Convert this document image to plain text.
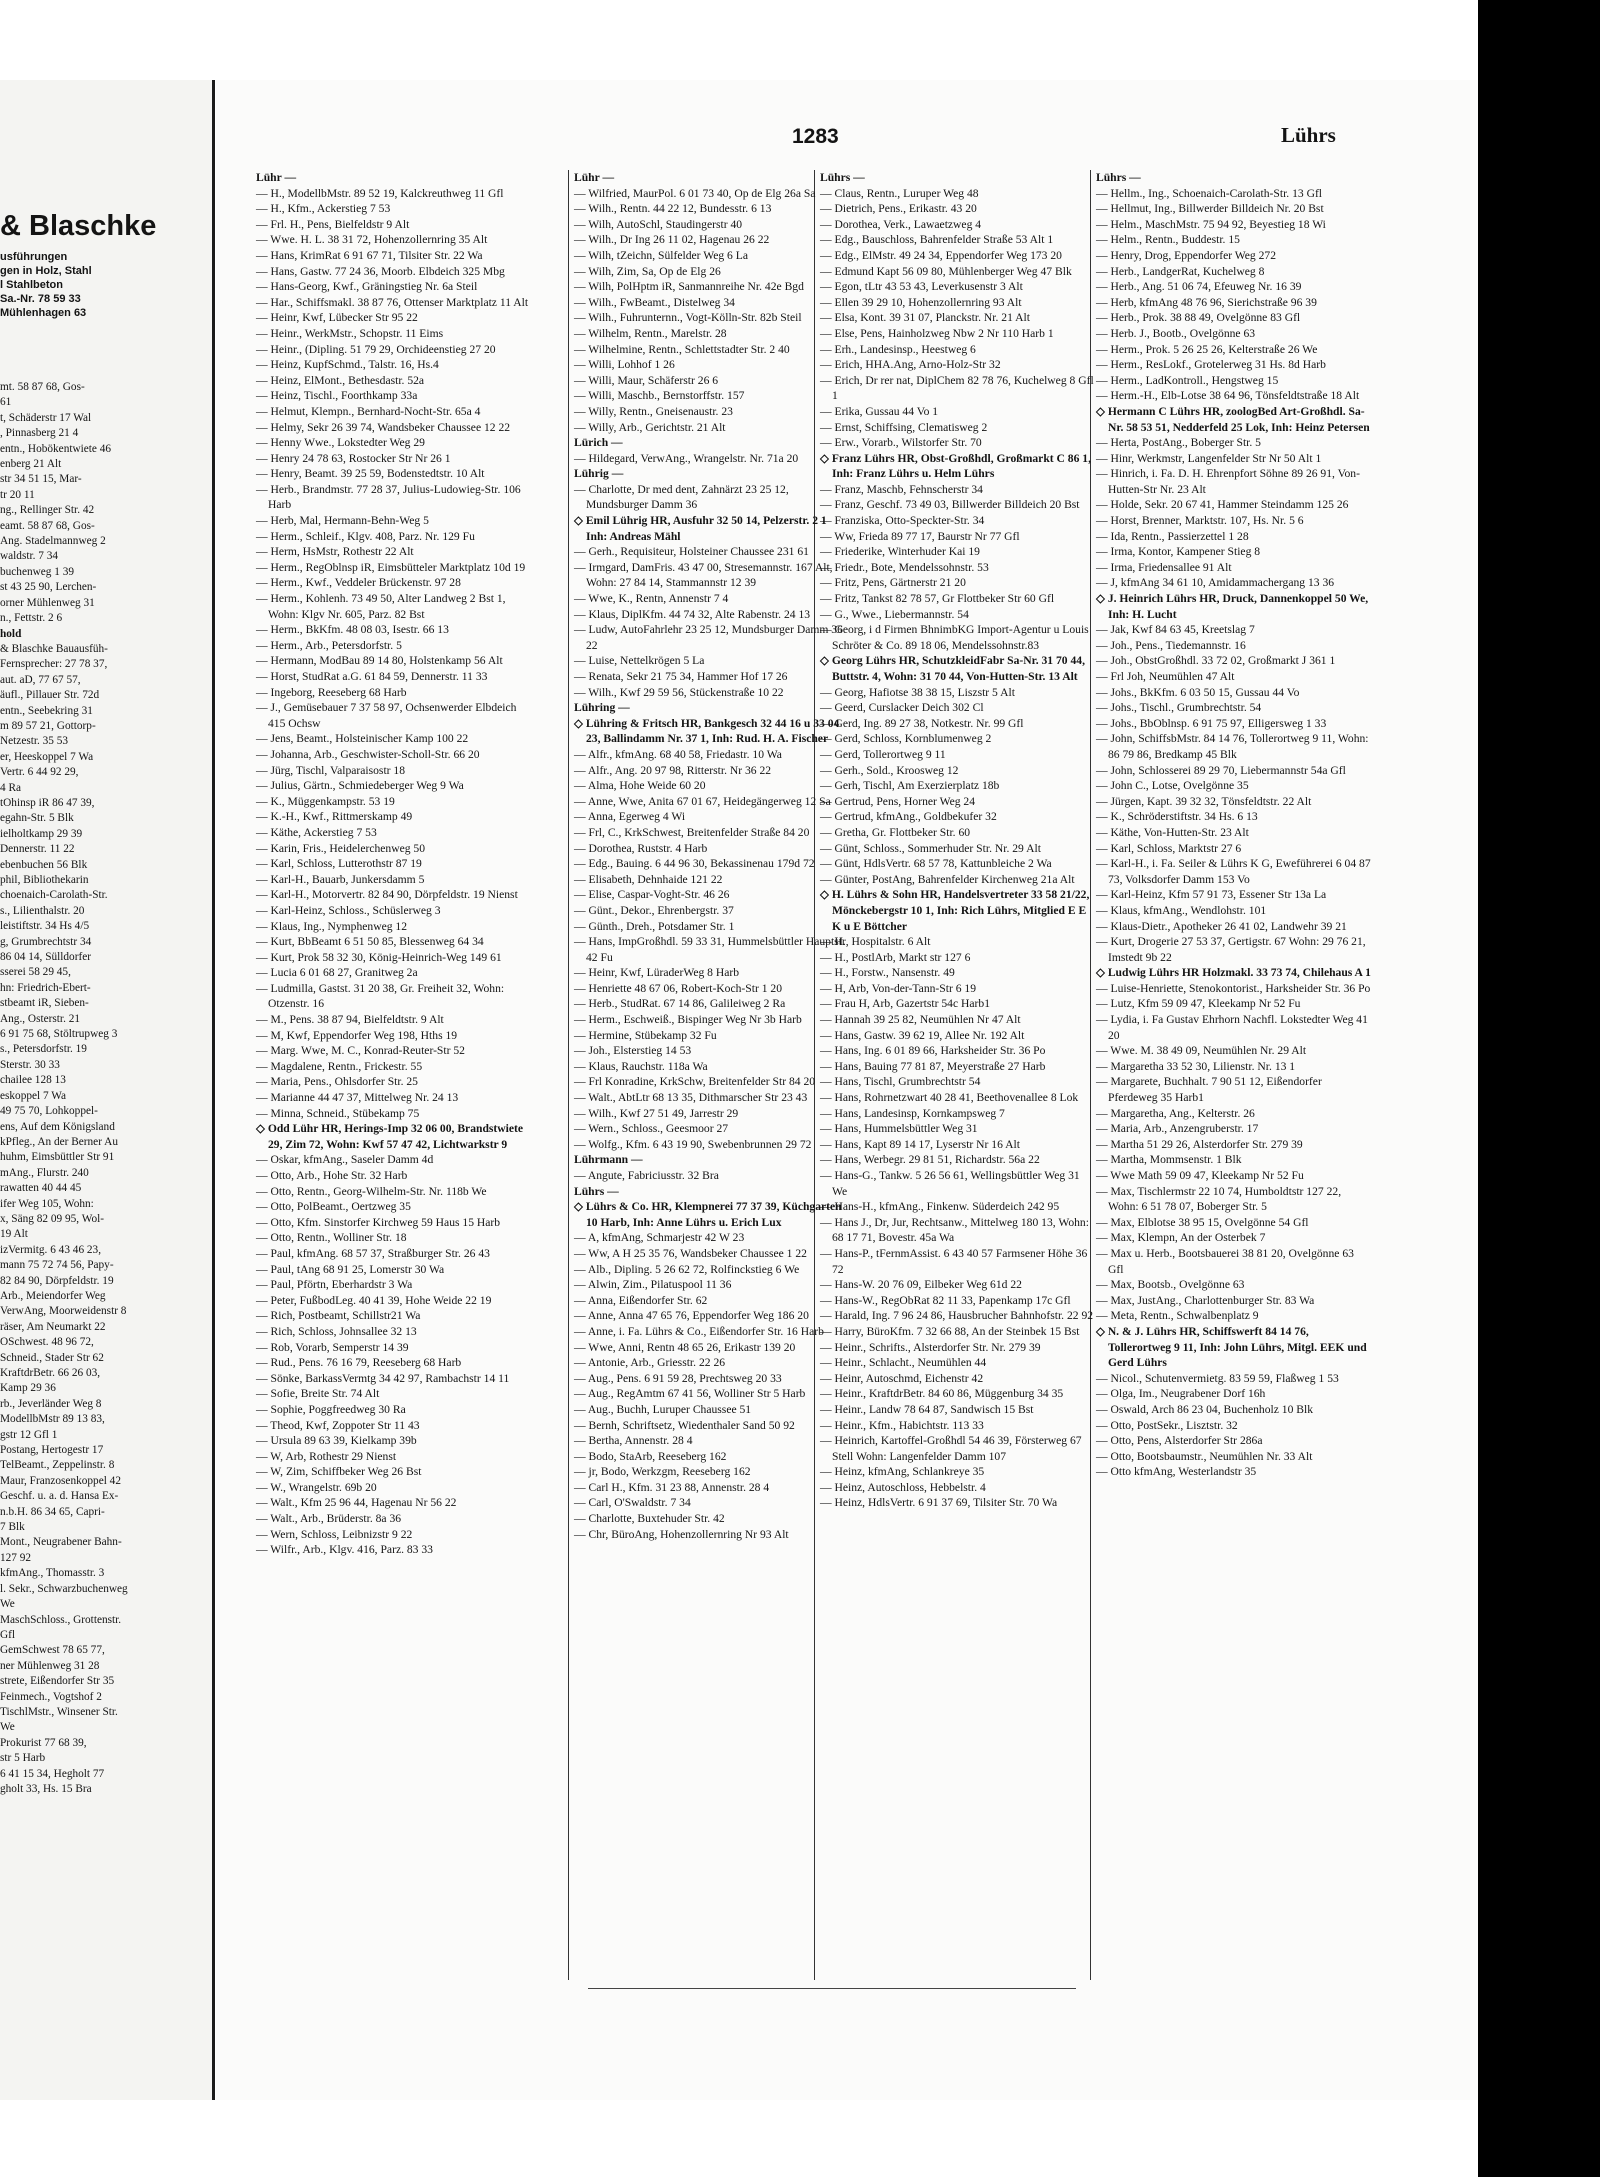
& Blaschke
usführungen
gen in Holz, Stahl
l Stahlbeton
Sa.-Nr. 78 59 33
Mühlenhagen 63
mt. 58 87 68, Gos-
61
t, Schäderstr 17 Wal
, Pinnasberg 21 4
entn., Hobökentwiete 46
enberg 21 Alt
str 34 51 15, Mar-
tr 20 11
ng., Rellinger Str. 42
eamt. 58 87 68, Gos-
Ang. Stadelmannweg 2
waldstr. 7 34
buchenweg 1 39
st 43 25 90, Lerchen-
orner Mühlenweg 31
n., Fettstr. 2 6
hold
& Blaschke Bauausfüh-
Fernsprecher: 27 78 37,
aut. aD, 77 67 57,
äufl., Pillauer Str. 72d
entn., Seebekring 31
m 89 57 21, Gottorp-
Netzestr. 35 53
er, Heeskoppel 7 Wa
Vertr. 6 44 92 29,
4 Ra
tOhinsp iR 86 47 39,
egahn-Str. 5 Blk
ielholtkamp 29 39
Dennerstr. 11 22
ebenbuchen 56 Blk
phil, Bibliothekarin
choenaich-Carolath-Str.
s., Lilienthalstr. 20
leistiftstr. 34 Hs 4/5
g, Grumbrechtstr 34
86 04 14, Sülldorfer
sserei 58 29 45,
hn: Friedrich-Ebert-
stbeamt iR, Sieben-
Ang., Osterstr. 21
6 91 75 68, Stöltrupweg 3
s., Petersdorfstr. 19
Sterstr. 30 33
chailee 128 13
eskoppel 7 Wa
49 75 70, Lohkoppel-
ens, Auf dem Königsland
kPfleg., An der Berner Au
huhm, Eimsbüttler Str 91
mAng., Flurstr. 240
rawatten 40 44 45
ifer Weg 105, Wohn:
x, Säng 82 09 95, Wol-
19 Alt
izVermitg. 6 43 46 23,
mann 75 72 74 56, Papy-
82 84 90, Dörpfeldstr. 19
Arb., Meiendorfer Weg
VerwAng, Moorweidenstr 8
räser, Am Neumarkt 22
OSchwest. 48 96 72,
Schneid., Stader Str 62
KraftdrBetr. 66 26 03,
Kamp 29 36
rb., Jeverländer Weg 8
ModellbMstr 89 13 83,
gstr 12 Gfl 1
Postang, Hertogestr 17
TelBeamt., Zeppelinstr. 8
Maur, Franzosenkoppel 42
Geschf. u. a. d. Hansa Ex-
n.b.H. 86 34 65, Capri-
7 Blk
Mont., Neugrabener Bahn-
127 92
kfmAng., Thomasstr. 3
l. Sekr., Schwarzbuchenweg
We
MaschSchloss., Grottenstr.
Gfl
GemSchwest 78 65 77,
ner Mühlenweg 31 28
strete, Eißendorfer Str 35
Feinmech., Vogtshof 2
TischlMstr., Winsener Str.
We
Prokurist 77 68 39,
str 5 Harb
6 41 15 34, Hegholt 77
gholt 33, Hs. 15 Bra
1283	Lührs

Lühr —

— H., ModellbMstr. 89 52 19, Kalckreuthweg 11 Gfl

— H., Kfm., Ackerstieg 7 53

— Frl. H., Pens, Bielfeldstr 9 Alt

— Wwe. H. L. 38 31 72, Hohenzollernring 35 Alt

— Hans, KrimRat 6 91 67 71, Tilsiter Str. 22 Wa

— Hans, Gastw. 77 24 36, Moorb. Elbdeich 325 Mbg

— Hans-Georg, Kwf., Gräningstieg Nr. 6a Steil

— Har., Schiffsmakl. 38 87 76, Ottenser Marktplatz 11 Alt

— Heinr, Kwf, Lübecker Str 95 22

— Heinr., WerkMstr., Schopstr. 11 Eims

— Heinr., (Dipling. 51 79 29, Orchideenstieg 27 20

— Heinz, KupfSchmd., Talstr. 16, Hs.4

— Heinz, ElMont., Bethesdastr. 52a

— Heinz, Tischl., Foorthkamp 33a

— Helmut, Klempn., Bernhard-Nocht-Str. 65a 4

— Helmy, Sekr 26 39 74, Wandsbeker Chaussee 12 22

— Henny Wwe., Lokstedter Weg 29

— Henry 24 78 63, Rostocker Str Nr 26 1

— Henry, Beamt. 39 25 59, Bodenstedtstr. 10 Alt

— Herb., Brandmstr. 77 28 37, Julius-Ludowieg-Str. 106 Harb

— Herb, Mal, Hermann-Behn-Weg 5

— Herm., Schleif., Klgv. 408, Parz. Nr. 129 Fu

— Herm, HsMstr, Rothestr 22 Alt

— Herm., RegOblnsp iR, Eimsbütteler Marktplatz 10d 19

— Herm., Kwf., Veddeler Brückenstr. 97 28

— Herm., Kohlenh. 73 49 50, Alter Landweg 2 Bst 1, Wohn: Klgv Nr. 605, Parz. 82 Bst

— Herm., BkKfm. 48 08 03, Isestr. 66 13

— Herm., Arb., Petersdorfstr. 5

— Hermann, ModBau 89 14 80, Holstenkamp 56 Alt

— Horst, StudRat a.G. 61 84 59, Dennerstr. 11 33

— Ingeborg, Reeseberg 68 Harb

— J., Gemüsebauer 7 37 58 97, Ochsenwerder Elbdeich 415 Ochsw

— Jens, Beamt., Holsteinischer Kamp 100 22

— Johanna, Arb., Geschwister-Scholl-Str. 66 20

— Jürg, Tischl, Valparaisostr 18

— Julius, Gärtn., Schmiedeberger Weg 9 Wa

— K., Müggenkampstr. 53 19

— K.-H., Kwf., Rittmerskamp 49

— Käthe, Ackerstieg 7 53

— Karin, Fris., Heidelerchenweg 50

— Karl, Schloss, Lutterothstr 87 19

— Karl-H., Bauarb, Junkersdamm 5

— Karl-H., Motorvertr. 82 84 90, Dörpfeldstr. 19 Nienst

— Karl-Heinz, Schloss., Schüslerweg 3

— Klaus, Ing., Nymphenweg 12

— Kurt, BbBeamt 6 51 50 85, Blessenweg 64 34

— Kurt, Prok 58 32 30, König-Heinrich-Weg 149 61

— Lucia 6 01 68 27, Granitweg 2a

— Ludmilla, Gastst. 31 20 38, Gr. Freiheit 32, Wohn: Otzenstr. 16

— M., Pens. 38 87 94, Bielfeldtstr. 9 Alt

— M, Kwf, Eppendorfer Weg 198, Hths 19

— Marg. Wwe, M. C., Konrad-Reuter-Str 52

— Magdalene, Rentn., Frickestr. 55

— Maria, Pens., Ohlsdorfer Str. 25

— Marianne 44 47 37, Mittelweg Nr. 24 13

— Minna, Schneid., Stübekamp 75

◇ Odd Lühr HR, Herings-Imp 32 06 00, Brandstwiete 29, Zim 72, Wohn: Kwf 57 47 42, Lichtwarkstr 9

— Oskar, kfmAng., Saseler Damm 4d

— Otto, Arb., Hohe Str. 32 Harb

— Otto, Rentn., Georg-Wilhelm-Str. Nr. 118b We

— Otto, PolBeamt., Oertzweg 35

— Otto, Kfm. Sinstorfer Kirchweg 59 Haus 15 Harb

— Otto, Rentn., Wolliner Str. 18

— Paul, kfmAng. 68 57 37, Straßburger Str. 26 43

— Paul, tAng 68 91 25, Lomerstr 30 Wa

— Paul, Pförtn, Eberhardstr 3 Wa

— Peter, FußbodLeg. 40 41 39, Hohe Weide 22 19

— Rich, Postbeamt, Schillstr21 Wa

— Rich, Schloss, Johnsallee 32 13

— Rob, Vorarb, Semperstr 14 39

— Rud., Pens. 76 16 79, Reeseberg 68 Harb

— Sönke, BarkassVermtg 34 42 97, Rambachstr 14 11

— Sofie, Breite Str. 74 Alt

— Sophie, Poggfreedweg 30 Ra

— Theod, Kwf, Zoppoter Str 11 43

— Ursula 89 63 39, Kielkamp 39b

— W, Arb, Rothestr 29 Nienst

— W, Zim, Schiffbeker Weg 26 Bst

— W., Wrangelstr. 69b 20

— Walt., Kfm 25 96 44, Hagenau Nr 56 22

— Walt., Arb., Brüderstr. 8a 36

— Wern, Schloss, Leibnizstr 9 22

— Wilfr., Arb., Klgv. 416, Parz. 83 33

Lühr —

— Wilfried, MaurPol. 6 01 73 40, Op de Elg 26a Sa

— Wilh., Rentn. 44 22 12, Bundesstr. 6 13

— Wilh, AutoSchl, Staudingerstr 40

— Wilh., Dr Ing 26 11 02, Hagenau 26 22

— Wilh, tZeichn, Sülfelder Weg 6 La

— Wilh, Zim, Sa, Op de Elg 26

— Wilh, PolHptm iR, Sanmannreihe Nr. 42e Bgd

— Wilh., FwBeamt., Distelweg 34

— Wilh., Fuhrunternn., Vogt-Kölln-Str. 82b Steil

— Wilhelm, Rentn., Marelstr. 28

— Wilhelmine, Rentn., Schlettstadter Str. 2 40

— Willi, Lohhof 1 26

— Willi, Maur, Schäferstr 26 6

— Willi, Maschb., Bernstorffstr. 157

— Willy, Rentn., Gneisenaustr. 23

— Willy, Arb., Gerichtstr. 21 Alt

Lürich —

— Hildegard, VerwAng., Wrangelstr. Nr. 71a 20

Lührig —

— Charlotte, Dr med dent, Zahnärzt 23 25 12, Mundsburger Damm 36

◇ Emil Lührig HR, Ausfuhr 32 50 14, Pelzerstr. 2 1 Inh: Andreas Mähl

— Gerh., Requisiteur, Holsteiner Chaussee 231 61

— Irmgard, DamFris. 43 47 00, Stresemannstr. 167 Alt, Wohn: 27 84 14, Stammannstr 12 39

— Wwe, K., Rentn, Annenstr 7 4

— Klaus, DiplKfm. 44 74 32, Alte Rabenstr. 24 13

— Ludw, AutoFahrlehr 23 25 12, Mundsburger Damm 36 22

— Luise, Nettelkrögen 5 La

— Renata, Sekr 21 75 34, Hammer Hof 17 26

— Wilh., Kwf 29 59 56, Stückenstraße 10 22

Lühring —

◇ Lühring & Fritsch HR, Bankgesch 32 44 16 u 33 04 23, Ballindamm Nr. 37 1, Inh: Rud. H. A. Fischer

— Alfr., kfmAng. 68 40 58, Friedastr. 10 Wa

— Alfr., Ang. 20 97 98, Ritterstr. Nr 36 22

— Alma, Hohe Weide 60 20

— Anne, Wwe, Anita 67 01 67, Heidegängerweg 12 Sa

— Anna, Egerweg 4 Wi

— Frl, C., KrkSchwest, Breitenfelder Straße 84 20

— Dorothea, Ruststr. 4 Harb

— Edg., Bauing. 6 44 96 30, Bekassinenau 179d 72

— Elisabeth, Dehnhaide 121 22

— Elise, Caspar-Voght-Str. 46 26

— Günt., Dekor., Ehrenbergstr. 37

— Günth., Dreh., Potsdamer Str. 1

— Hans, ImpGroßhdl. 59 33 31, Hummelsbüttler Hauptstr 42 Fu

— Heinr, Kwf, LüraderWeg 8 Harb

— Henriette 48 67 06, Robert-Koch-Str 1 20

— Herb., StudRat. 67 14 86, Galileiweg 2 Ra

— Herm., Eschweiß., Bispinger Weg Nr 3b Harb

— Hermine, Stübekamp 32 Fu

— Joh., Elsterstieg 14 53

— Klaus, Rauchstr. 118a Wa

— Frl Konradine, KrkSchw, Breitenfelder Str 84 20

— Walt., AbtLtr 68 13 35, Dithmarscher Str 23 43

— Wilh., Kwf 27 51 49, Jarrestr 29

— Wern., Schloss., Geesmoor 27

— Wolfg., Kfm. 6 43 19 90, Swebenbrunnen 29 72

Lührmann —

— Angute, Fabriciusstr. 32 Bra

Lührs —

◇ Lührs & Co. HR, Klempnerei 77 37 39, Küchgarten 10 Harb, Inh: Anne Lührs u. Erich Lux

— A, kfmAng, Schmarjestr 42 W 23

— Ww, A H 25 35 76, Wandsbeker Chaussee 1 22

— Alb., Dipling. 5 26 62 72, Rolfinckstieg 6 We

— Alwin, Zim., Pilatuspool 11 36

— Anna, Eißendorfer Str. 62

— Anne, Anna 47 65 76, Eppendorfer Weg 186 20

— Anne, i. Fa. Lührs & Co., Eißendorfer Str. 16 Harb

— Wwe, Anni, Rentn 48 65 26, Erikastr 139 20

— Antonie, Arb., Griesstr. 22 26

— Aug., Pens. 6 91 59 28, Prechtsweg 20 33

— Aug., RegAmtm 67 41 56, Wolliner Str 5 Harb

— Aug., Buchh, Luruper Chaussee 51

— Bernh, Schriftsetz, Wiedenthaler Sand 50 92

— Bertha, Annenstr. 28 4

— Bodo, StaArb, Reeseberg 162

— jr, Bodo, Werkzgm, Reeseberg 162

— Carl H., Kfm. 31 23 88, Annenstr. 28 4

— Carl, O'Swaldstr. 7 34

— Charlotte, Buxtehuder Str. 42

— Chr, BüroAng, Hohenzollernring Nr 93 Alt

Lührs —

— Claus, Rentn., Luruper Weg 48

— Dietrich, Pens., Erikastr. 43 20

— Dorothea, Verk., Lawaetzweg 4

— Edg., Bauschloss, Bahrenfelder Straße 53 Alt 1

— Edg., ElMstr. 49 24 34, Eppendorfer Weg 173 20

— Edmund Kapt 56 09 80, Mühlenberger Weg 47 Blk

— Egon, tLtr 43 53 43, Leverkusenstr 3 Alt

— Ellen 39 29 10, Hohenzollernring 93 Alt

— Elsa, Kont. 39 31 07, Planckstr. Nr. 21 Alt

— Else, Pens, Hainholzweg Nbw 2 Nr 110 Harb 1

— Erh., Landesinsp., Heestweg 6

— Erich, HHA.Ang, Arno-Holz-Str 32

— Erich, Dr rer nat, DiplChem 82 78 76, Kuchelweg 8 Gfl 1

— Erika, Gussau 44 Vo 1

— Ernst, Schiffsing, Clematisweg 2

— Erw., Vorarb., Wilstorfer Str. 70

◇ Franz Lührs HR, Obst-Großhdl, Großmarkt C 86 1, Inh: Franz Lührs u. Helm Lührs

— Franz, Maschb, Fehnscherstr 34

— Franz, Geschf. 73 49 03, Billwerder Billdeich 20 Bst

— Franziska, Otto-Speckter-Str. 34

— Ww, Frieda 89 77 17, Baurstr Nr 77 Gfl

— Friederike, Winterhuder Kai 19

— Friedr., Bote, Mendelssohnstr. 53

— Fritz, Pens, Gärtnerstr 21 20

— Fritz, Tankst 82 78 57, Gr Flottbeker Str 60 Gfl

— G., Wwe., Liebermannstr. 54

— Georg, i d Firmen BhnimbKG Import-Agentur u Louis Schröter & Co. 89 18 06, Mendelssohnstr.83

◇ Georg Lührs HR, SchutzkleidFabr Sa-Nr. 31 70 44, Buttstr. 4, Wohn: 31 70 44, Von-Hutten-Str. 13 Alt

— Georg, Hafiotse 38 38 15, Liszstr 5 Alt

— Geerd, Curslacker Deich 302 Cl

— Gerd, Ing. 89 27 38, Notkestr. Nr. 99 Gfl

— Gerd, Schloss, Kornblumenweg 2

— Gerd, Tollerortweg 9 11

— Gerh., Sold., Kroosweg 12

— Gerh, Tischl, Am Exerzierplatz 18b

— Gertrud, Pens, Horner Weg 24

— Gertrud, kfmAng., Goldbekufer 32

— Gretha, Gr. Flottbeker Str. 60

— Günt, Schloss., Sommerhuder Str. Nr. 29 Alt

— Günt, HdlsVertr. 68 57 78, Kattunbleiche 2 Wa

— Günter, PostAng, Bahrenfelder Kirchenweg 21a Alt

◇ H. Lührs & Sohn HR, Handelsvertreter 33 58 21/22, Mönckebergstr 10 1, Inh: Rich Lührs, Mitglied E E K u E Böttcher

— H., Hospitalstr. 6 Alt

— H., PostlArb, Markt str 127 6

— H., Forstw., Nansenstr. 49

— H, Arb, Von-der-Tann-Str 6 19

— Frau H, Arb, Gazertstr 54c Harb1

— Hannah 39 25 82, Neumühlen Nr 47 Alt

— Hans, Gastw. 39 62 19, Allee Nr. 192 Alt

— Hans, Ing. 6 01 89 66, Harksheider Str. 36 Po

— Hans, Bauing 77 81 87, Meyerstraße 27 Harb

— Hans, Tischl, Grumbrechtstr 54

— Hans, Rohrnetzwart 40 28 41, Beethovenallee 8 Lok

— Hans, Landesinsp, Kornkampsweg 7

— Hans, Hummelsbüttler Weg 31

— Hans, Kapt 89 14 17, Lyserstr Nr 16 Alt

— Hans, Werbegr. 29 81 51, Richardstr. 56a 22

— Hans-G., Tankw. 5 26 56 61, Wellingsbüttler Weg 31 We

— Hans-H., kfmAng., Finkenw. Süderdeich 242 95

— Hans J., Dr, Jur, Rechtsanw., Mittelweg 180 13, Wohn: 68 17 71, Bovestr. 45a Wa

— Hans-P., tFernmAssist. 6 43 40 57 Farmsener Höhe 36 72

— Hans-W. 20 76 09, Eilbeker Weg 61d 22

— Hans-W., RegObRat 82 11 33, Papenkamp 17c Gfl

— Harald, Ing. 7 96 24 86, Hausbrucher Bahnhofstr. 22 92

— Harry, BüroKfm. 7 32 66 88, An der Steinbek 15 Bst

— Heinr., Schrifts., Alsterdorfer Str. Nr. 279 39

— Heinr., Schlacht., Neumühlen 44

— Heinr, Autoschmd, Eichenstr 42

— Heinr., KraftdrBetr. 84 60 86, Müggenburg 34 35

— Heinr., Landw 78 64 87, Sandwisch 15 Bst

— Heinr., Kfm., Habichtstr. 113 33

— Heinrich, Kartoffel-Großhdl 54 46 39, Försterweg 67 Stell Wohn: Langenfelder Damm 107

— Heinz, kfmAng, Schlankreye 35

— Heinz, Autoschloss, Hebbelstr. 4

— Heinz, HdlsVertr. 6 91 37 69, Tilsiter Str. 70 Wa

Lührs —

— Hellm., Ing., Schoenaich-Carolath-Str. 13 Gfl

— Hellmut, Ing., Billwerder Billdeich Nr. 20 Bst

— Helm., MaschMstr. 75 94 92, Beyestieg 18 Wi

— Helm., Rentn., Buddestr. 15

— Henry, Drog, Eppendorfer Weg 272

— Herb., LandgerRat, Kuchelweg 8

— Herb., Ang. 51 06 74, Efeuweg Nr. 16 39

— Herb, kfmAng 48 76 96, Sierichstraße 96 39

— Herb., Prok. 38 88 49, Ovelgönne 83 Gfl

— Herb. J., Bootb., Ovelgönne 63

— Herm., Prok. 5 26 25 26, Kelterstraße 26 We

— Herm., ResLokf., Grotelerweg 31 Hs. 8d Harb

— Herm., LadKontroll., Hengstweg 15

— Herm.-H., Elb-Lotse 38 64 96, Tönsfeldtstraße 18 Alt

◇ Hermann C Lührs HR, zoologBed Art-Großhdl. Sa-Nr. 58 53 51, Nedderfeld 25 Lok, Inh: Heinz Petersen

— Herta, PostAng., Boberger Str. 5

— Hinr, Werkmstr, Langenfelder Str Nr 50 Alt 1

— Hinrich, i. Fa. D. H. Ehrenpfort Söhne 89 26 91, Von-Hutten-Str Nr. 23 Alt

— Holde, Sekr. 20 67 41, Hammer Steindamm 125 26

— Horst, Brenner, Marktstr. 107, Hs. Nr. 5 6

— Ida, Rentn., Passierzettel 1 28

— Irma, Kontor, Kampener Stieg 8

— Irma, Friedensallee 91 Alt

— J, kfmAng 34 61 10, Amidammachergang 13 36

◇ J. Heinrich Lührs HR, Druck, Dannenkoppel 50 We, Inh: H. Lucht

— Jak, Kwf 84 63 45, Kreetslag 7

— Joh., Pens., Tiedemannstr. 16

— Joh., ObstGroßhdl. 33 72 02, Großmarkt J 361 1

— Frl Joh, Neumühlen 47 Alt

— Johs., BkKfm. 6 03 50 15, Gussau 44 Vo

— Johs., Tischl., Grumbrechtstr. 54

— Johs., BbOblnsp. 6 91 75 97, Elligersweg 1 33

— John, SchiffsbMstr. 84 14 76, Tollerortweg 9 11, Wohn: 86 79 86, Bredkamp 45 Blk

— John, Schlosserei 89 29 70, Liebermannstr 54a Gfl

— John C., Lotse, Ovelgönne 35

— Jürgen, Kapt. 39 32 32, Tönsfeldtstr. 22 Alt

— K., Schröderstiftstr. 34 Hs. 6 13

— Käthe, Von-Hutten-Str. 23 Alt

— Karl, Schloss, Marktstr 27 6

— Karl-H., i. Fa. Seiler & Lührs K G, Eweführerei 6 04 87 73, Volksdorfer Damm 153 Vo

— Karl-Heinz, Kfm 57 91 73, Essener Str 13a La

— Klaus, kfmAng., Wendlohstr. 101

— Klaus-Dietr., Apotheker 26 41 02, Landwehr 39 21

— Kurt, Drogerie 27 53 37, Gertigstr. 67 Wohn: 29 76 21, Imstedt 9b 22

◇ Ludwig Lührs HR Holzmakl. 33 73 74, Chilehaus A 1

— Luise-Henriette, Stenokontorist., Harksheider Str. 36 Po

— Lutz, Kfm 59 09 47, Kleekamp Nr 52 Fu

— Lydia, i. Fa Gustav Ehrhorn Nachfl. Lokstedter Weg 41 20

— Wwe. M. 38 49 09, Neumühlen Nr. 29 Alt

— Margaretha 33 52 30, Lilienstr. Nr. 13 1

— Margarete, Buchhalt. 7 90 51 12, Eißendorfer Pferdeweg 35 Harb1

— Margaretha, Ang., Kelterstr. 26

— Maria, Arb., Anzengruberstr. 17

— Martha 51 29 26, Alsterdorfer Str. 279 39

— Martha, Mommsenstr. 1 Blk

— Wwe Math 59 09 47, Kleekamp Nr 52 Fu

— Max, Tischlermstr 22 10 74, Humboldtstr 127 22, Wohn: 6 51 78 07, Boberger Str. 5

— Max, Elblotse 38 95 15, Ovelgönne 54 Gfl

— Max, Klempn, An der Osterbek 7

— Max u. Herb., Bootsbauerei 38 81 20, Ovelgönne 63 Gfl

— Max, Bootsb., Ovelgönne 63

— Max, JustAng., Charlottenburger Str. 83 Wa

— Meta, Rentn., Schwalbenplatz 9

◇ N. & J. Lührs HR, Schiffswerft 84 14 76, Tollerortweg 9 11, Inh: John Lührs, Mitgl. EEK und Gerd Lührs

— Nicol., Schutenvermietg. 83 59 59, Flaßweg 1 53

— Olga, Im., Neugrabener Dorf 16h

— Oswald, Arch 86 23 04, Buchenholz 10 Blk

— Otto, PostSekr., Lisztstr. 32

— Otto, Pens, Alsterdorfer Str 286a

— Otto, Bootsbaumstr., Neumühlen Nr. 33 Alt

— Otto kfmAng, Westerlandstr 35
